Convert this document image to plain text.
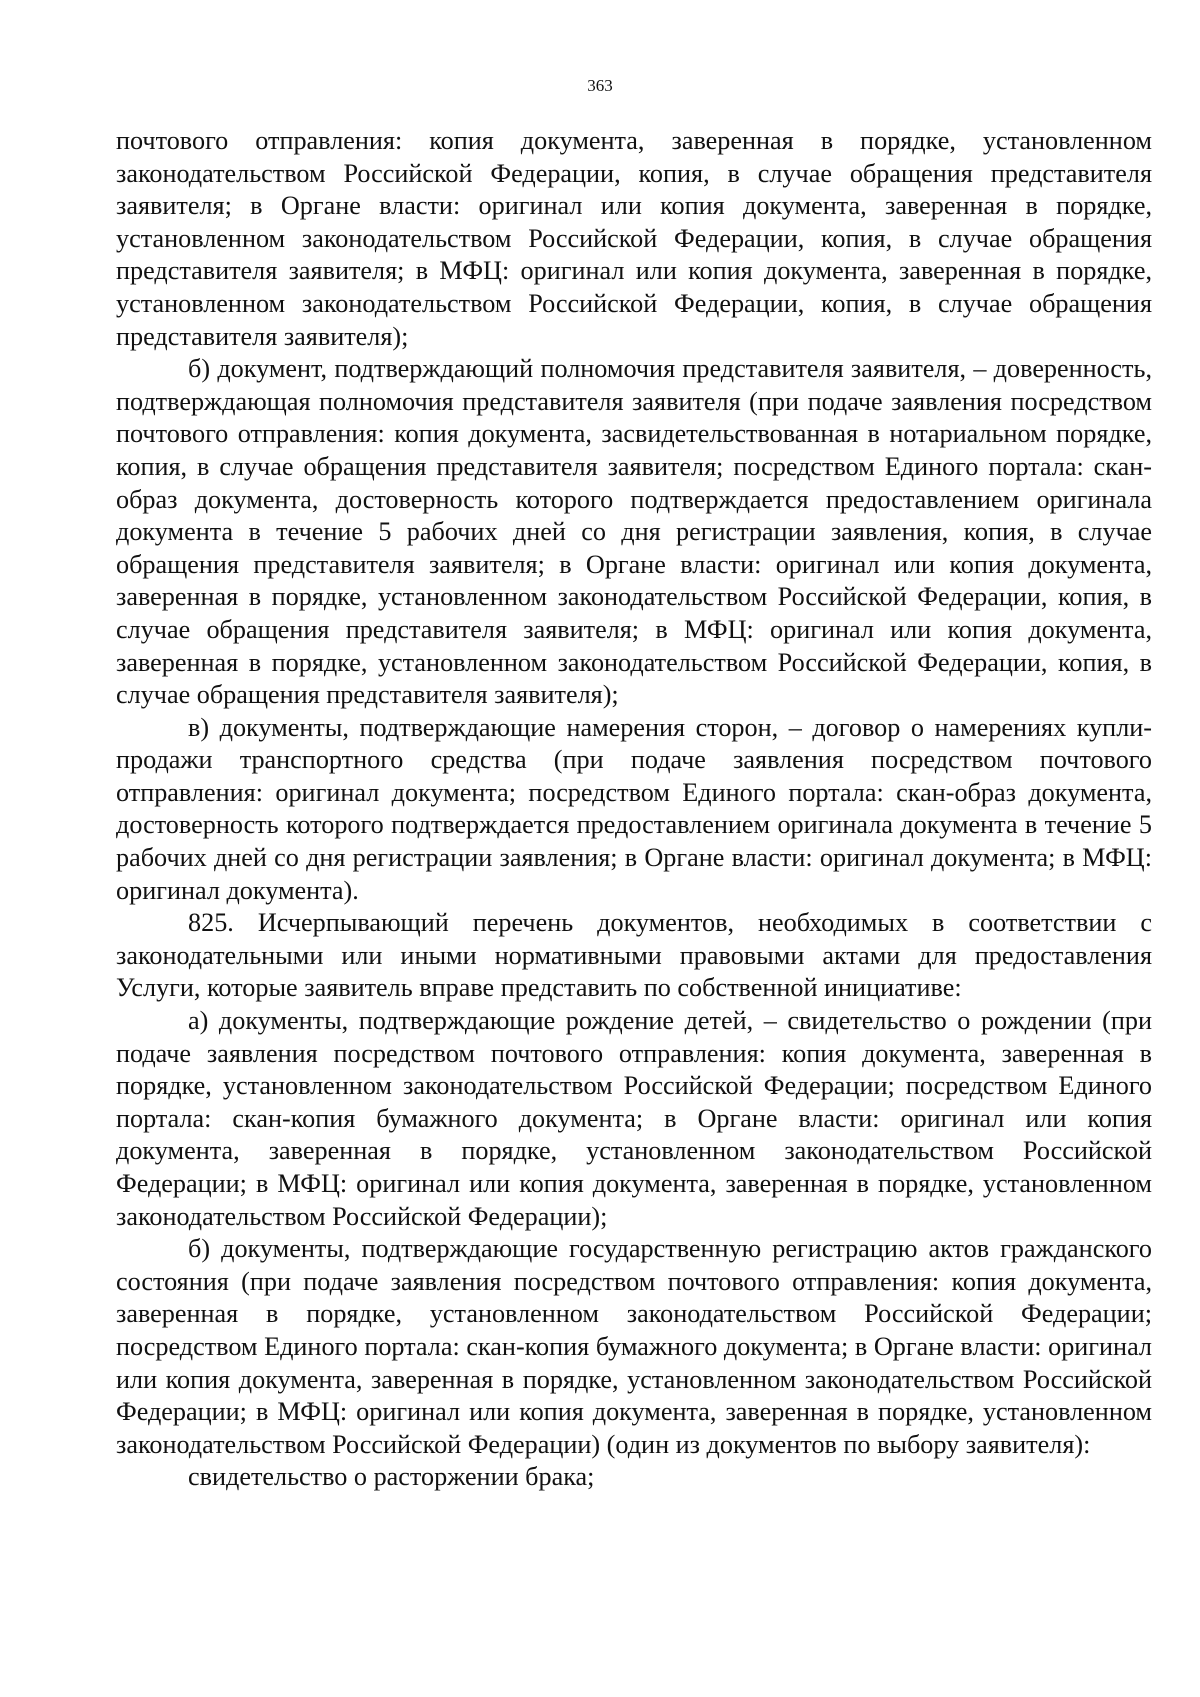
363

почтового отправления: копия документа, заверенная в порядке, установленном законодательством Российской Федерации, копия, в случае обращения представителя заявителя; в Органе власти: оригинал или копия документа, заверенная в порядке, установленном законодательством Российской Федерации, копия, в случае обращения представителя заявителя; в МФЦ: оригинал или копия документа, заверенная в порядке, установленном законодательством Российской Федерации, копия, в случае обращения представителя заявителя);

б) документ, подтверждающий полномочия представителя заявителя, – доверенность, подтверждающая полномочия представителя заявителя (при подаче заявления посредством почтового отправления: копия документа, засвидетельствованная в нотариальном порядке, копия, в случае обращения представителя заявителя; посредством Единого портала: скан-образ документа, достоверность которого подтверждается предоставлением оригинала документа в течение 5 рабочих дней со дня регистрации заявления, копия, в случае обращения представителя заявителя; в Органе власти: оригинал или копия документа, заверенная в порядке, установленном законодательством Российской Федерации, копия, в случае обращения представителя заявителя; в МФЦ: оригинал или копия документа, заверенная в порядке, установленном законодательством Российской Федерации, копия, в случае обращения представителя заявителя);

в) документы, подтверждающие намерения сторон, – договор о намерениях купли-продажи транспортного средства (при подаче заявления посредством почтового отправления: оригинал документа; посредством Единого портала: скан-образ документа, достоверность которого подтверждается предоставлением оригинала документа в течение 5 рабочих дней со дня регистрации заявления; в Органе власти: оригинал документа; в МФЦ: оригинал документа).

825. Исчерпывающий перечень документов, необходимых в соответствии с законодательными или иными нормативными правовыми актами для предоставления Услуги, которые заявитель вправе представить по собственной инициативе:

а) документы, подтверждающие рождение детей, – свидетельство о рождении (при подаче заявления посредством почтового отправления: копия документа, заверенная в порядке, установленном законодательством Российской Федерации; посредством Единого портала: скан-копия бумажного документа; в Органе власти: оригинал или копия документа, заверенная в порядке, установленном законодательством Российской Федерации; в МФЦ: оригинал или копия документа, заверенная в порядке, установленном законодательством Российской Федерации);

б) документы, подтверждающие государственную регистрацию актов гражданского состояния (при подаче заявления посредством почтового отправления: копия документа, заверенная в порядке, установленном законодательством Российской Федерации; посредством Единого портала: скан-копия бумажного документа; в Органе власти: оригинал или копия документа, заверенная в порядке, установленном законодательством Российской Федерации; в МФЦ: оригинал или копия документа, заверенная в порядке, установленном законодательством Российской Федерации) (один из документов по выбору заявителя):

свидетельство о расторжении брака;
